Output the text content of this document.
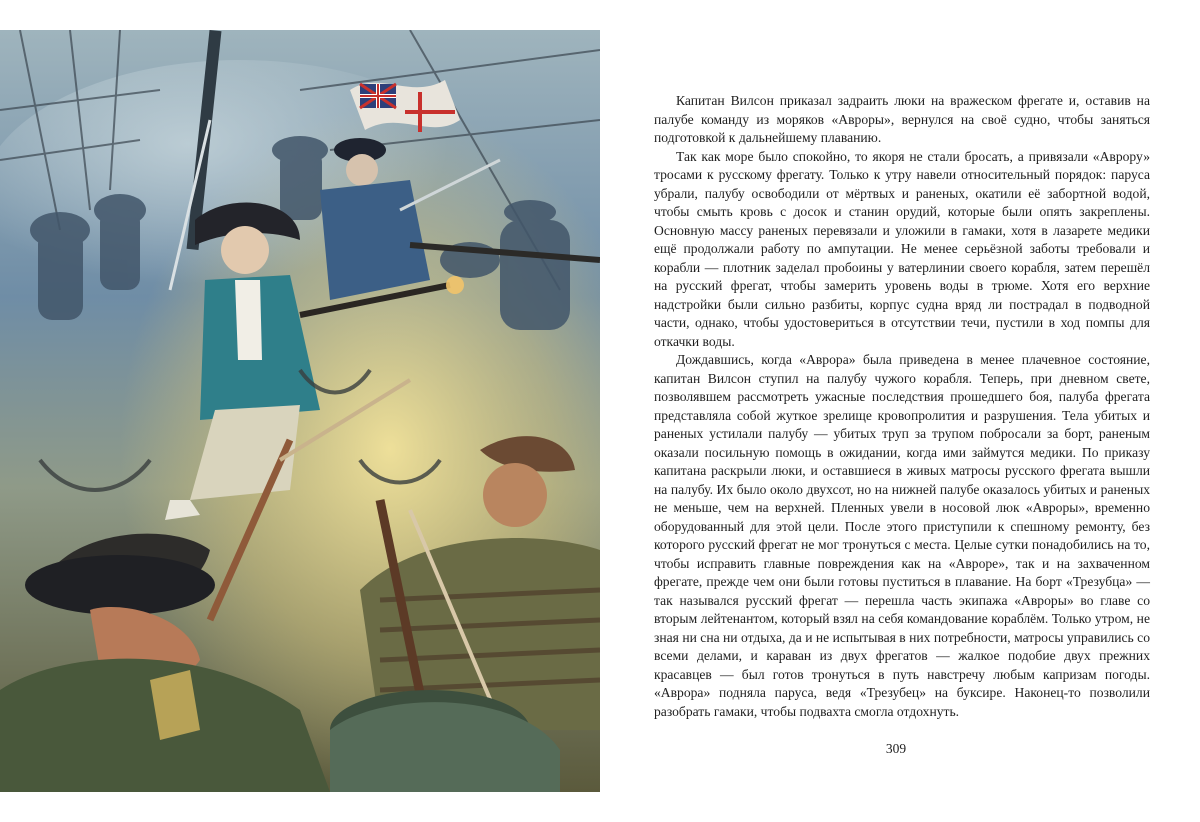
Капитан Вилсон приказал задраить люки на вражеском фрегате и, оставив на палубе команду из моряков «Авроры», вернулся на своё судно, чтобы заняться подготовкой к дальнейшему плаванию.

Так как море было спокойно, то якоря не стали бросать, а привязали «Аврору» тросами к русскому фрегату. Только к утру навели относительный порядок: паруса убрали, палубу освободили от мёртвых и раненых, окатили её забортной водой, чтобы смыть кровь с досок и станин орудий, которые были опять закреплены. Основную массу раненых перевязали и уложили в гамаки, хотя в лазарете медики ещё продолжали работу по ампутации. Не менее серьёзной заботы требовали и корабли — плотник заделал пробоины у ватерлинии своего корабля, затем перешёл на русский фрегат, чтобы замерить уровень воды в трюме. Хотя его верхние надстройки были сильно разбиты, корпус судна вряд ли пострадал в подводной части, однако, чтобы удостовериться в отсутствии течи, пустили в ход помпы для откачки воды.

Дождавшись, когда «Аврора» была приведена в менее плачевное состояние, капитан Вилсон ступил на палубу чужого корабля. Теперь, при дневном свете, позволявшем рассмотреть ужасные последствия прошедшего боя, палуба фрегата представляла собой жуткое зрелище кровопролития и разрушения. Тела убитых и раненых устилали палубу — убитых труп за трупом побросали за борт, раненым оказали посильную помощь в ожидании, когда ими займутся медики. По приказу капитана раскрыли люки, и оставшиеся в живых матросы русского фрегата вышли на палубу. Их было около двухсот, но на нижней палубе оказалось убитых и раненых не меньше, чем на верхней. Пленных увели в носовой люк «Авроры», временно оборудованный для этой цели. После этого приступили к спешному ремонту, без которого русский фрегат не мог тронуться с места. Целые сутки понадобились на то, чтобы исправить главные повреждения как на «Авроре», так и на захваченном фрегате, прежде чем они были готовы пуститься в плавание. На борт «Трезубца» — так назывался русский фрегат — перешла часть экипажа «Авроры» во главе со вторым лейтенантом, который взял на себя командование кораблём. Только утром, не зная ни сна ни отдыха, да и не испытывая в них потребности, матросы управились со всеми делами, и караван из двух фрегатов — жалкое подобие двух прежних красавцев — был готов тронуться в путь навстречу любым капризам погоды. «Аврора» подняла паруса, ведя «Трезубец» на буксире. Наконец-то позволили разобрать гамаки, чтобы подвахта смогла отдохнуть.

309
